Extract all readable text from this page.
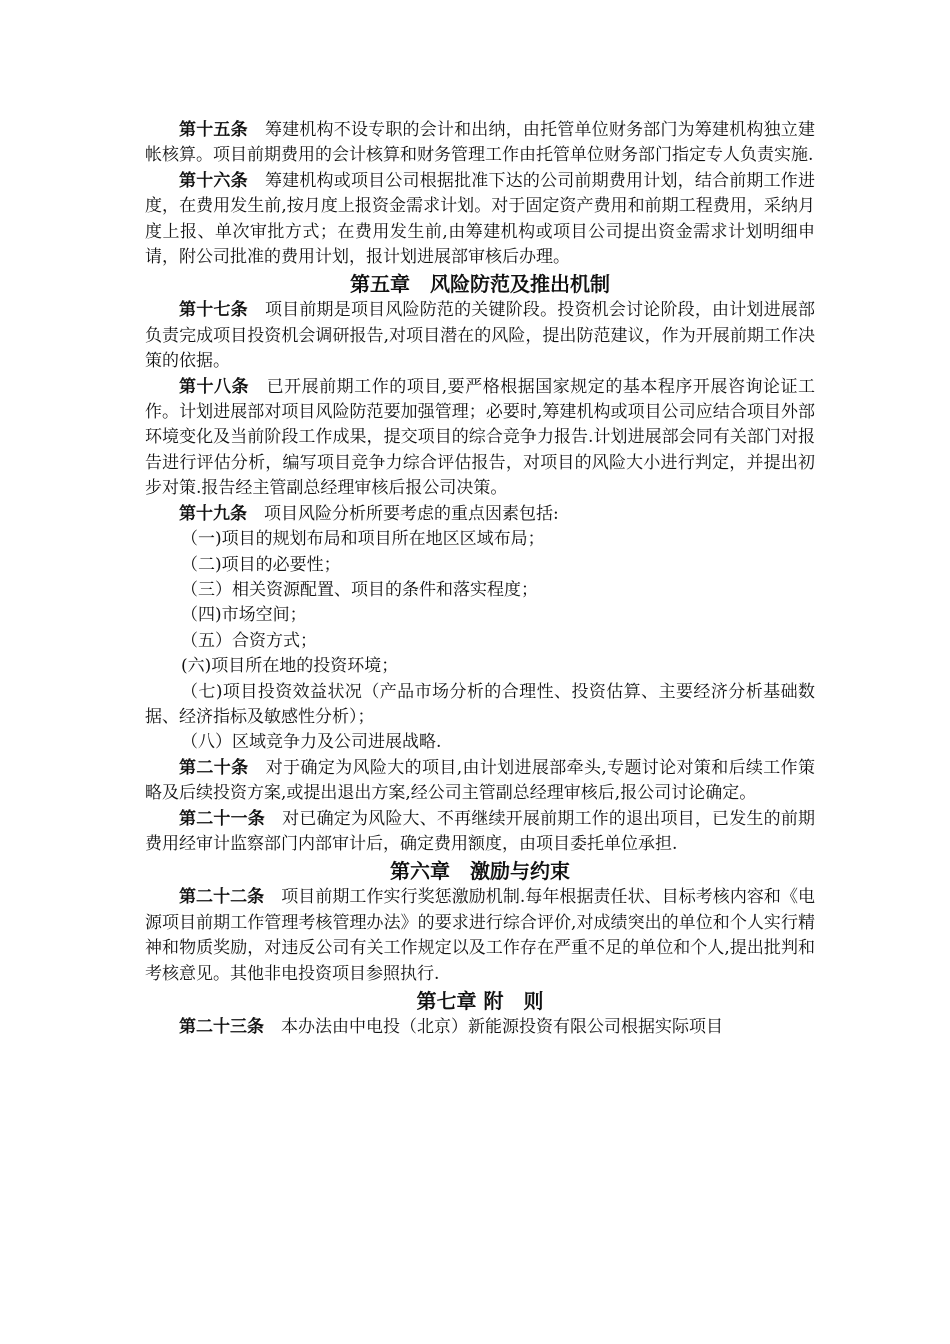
第十五条  筹建机构不设专职的会计和出纳，由托管单位财务部门为筹建机构独立建帐核算。项目前期费用的会计核算和财务管理工作由托管单位财务部门指定专人负责实施.

第十六条  筹建机构或项目公司根据批准下达的公司前期费用计划，结合前期工作进度，在费用发生前,按月度上报资金需求计划。对于固定资产费用和前期工程费用，采纳月度上报、单次审批方式；在费用发生前,由筹建机构或项目公司提出资金需求计划明细申请，附公司批准的费用计划，报计划进展部审核后办理。

第五章　风险防范及推出机制

第十七条  项目前期是项目风险防范的关键阶段。投资机会讨论阶段，由计划进展部负责完成项目投资机会调研报告,对项目潜在的风险，提出防范建议，作为开展前期工作决策的依据。

第十八条  已开展前期工作的项目,要严格根据国家规定的基本程序开展咨询论证工作。计划进展部对项目风险防范要加强管理；必要时,筹建机构或项目公司应结合项目外部环境变化及当前阶段工作成果，提交项目的综合竞争力报告.计划进展部会同有关部门对报告进行评估分析，编写项目竞争力综合评估报告，对项目的风险大小进行判定，并提出初步对策.报告经主管副总经理审核后报公司决策。

第十九条  项目风险分析所要考虑的重点因素包括:

（一)项目的规划布局和项目所在地区区域布局；

（二)项目的必要性；

（三）相关资源配置、项目的条件和落实程度；

（四)市场空间；

（五）合资方式；

(六)项目所在地的投资环境；

（七)项目投资效益状况（产品市场分析的合理性、投资估算、主要经济分析基础数据、经济指标及敏感性分析）；

（八）区域竞争力及公司进展战略.

第二十条  对于确定为风险大的项目,由计划进展部牵头,专题讨论对策和后续工作策略及后续投资方案,或提出退出方案,经公司主管副总经理审核后,报公司讨论确定。

第二十一条  对已确定为风险大、不再继续开展前期工作的退出项目，已发生的前期费用经审计监察部门内部审计后，确定费用额度，由项目委托单位承担.

第六章　激励与约束

第二十二条  项目前期工作实行奖惩激励机制.每年根据责任状、目标考核内容和《电源项目前期工作管理考核管理办法》的要求进行综合评价,对成绩突出的单位和个人实行精神和物质奖励，对违反公司有关工作规定以及工作存在严重不足的单位和个人,提出批判和考核意见。其他非电投资项目参照执行.

第七章 附　则

第二十三条  本办法由中电投（北京）新能源投资有限公司根据实际项目
